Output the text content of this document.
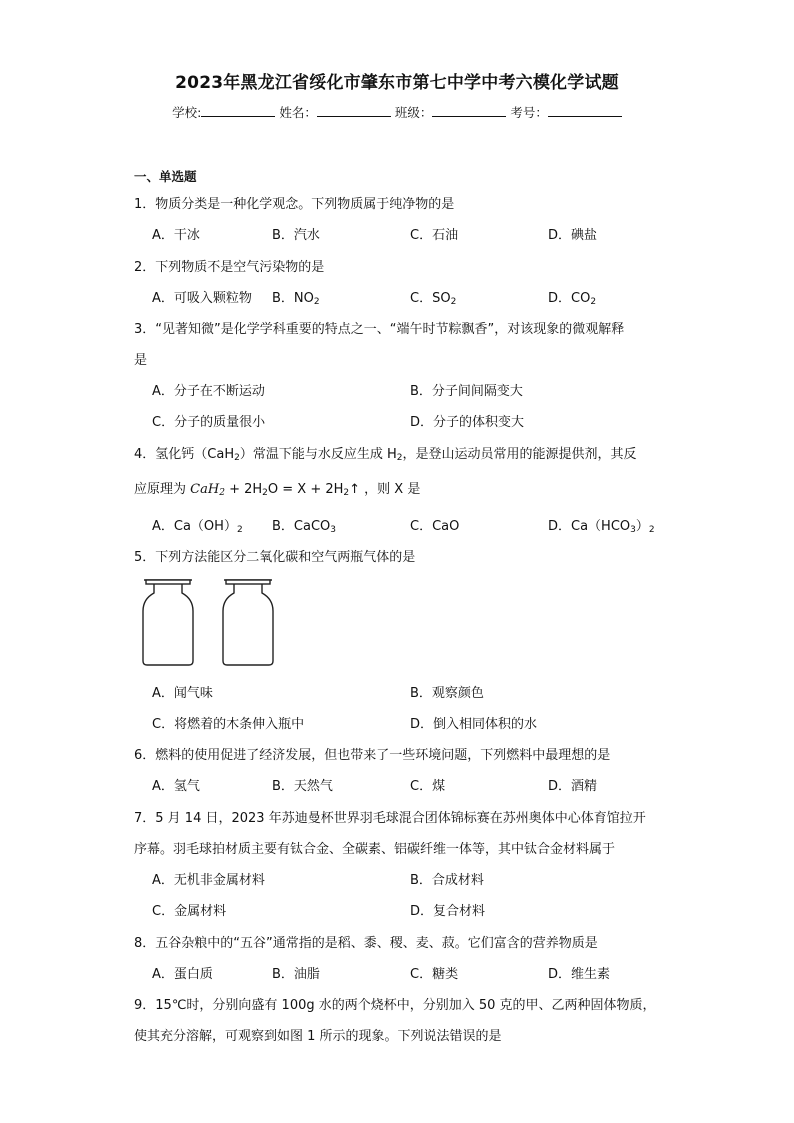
2023年黑龙江省绥化市肇东市第七中学中考六模化学试题
学校:	姓名：	班级：	考号：
一、单选题
1．物质分类是一种化学观念。下列物质属于纯净物的是
A．干冰	B．汽水	C．石油	D．碘盐
2．下列物质不是空气污染物的是
A．可吸入颗粒物 B．$NO_2$	C．$SO_2$	D．$CO_2$
3．“见著知微”是化学学科重要的特点之一、“端午时节粽飘香”，对该现象的微观解释
是
A．分子在不断运动	B．分子间间隔变大
C．分子的质量很小	D．分子的体积变大
4．氢化钙（CaH$_2$）常温下能与水反应生成 $H_2$，是登山运动员常用的能源提供剂，其反
应原理为 $CaH_2 + 2H_2O = X$ + $2H_2↑$ ，则 X 是
A．$Ca(OH)_2$ B．CaCO$_3$	C．CaO	D．$Ca(HCO_3)_2$
5．下列方法能区分二氧化碳和空气两瓶气体的是
A．闻气味	B．观察颜色
C．将燃着的木条伸入瓶中	D．倒入相同体积的水
6．燃料的使用促进了经济发展，但也带来了一些环境问题，下列燃料中最理想的是
A．氢气	B．天然气	C．煤	D．酒精
7．5 月 14 日，2023 年苏迪曼杯世界羽毛球混合团体锦标赛在苏州奥体中心体育馆拉开
序幕。羽毛球拍材质主要有钛合金、全碳素、铝碳纤维一体等，其中钛合金材料属于
A．无机非金属材料	B．合成材料
C．金属材料	D．复合材料
8．五谷杂粮中的“五谷”通常指的是稻、黍、稷、麦、菽。它们富含的营养物质是
A．蛋白质	B．油脂	C．糖类	D．维生素
9．15℃时，分别向盛有 100g 水的两个烧杯中，分别加入 50 克的甲、乙两种固体物质，
使其充分溶解，可观察到如图 1 所示的现象。下列说法错误的是
